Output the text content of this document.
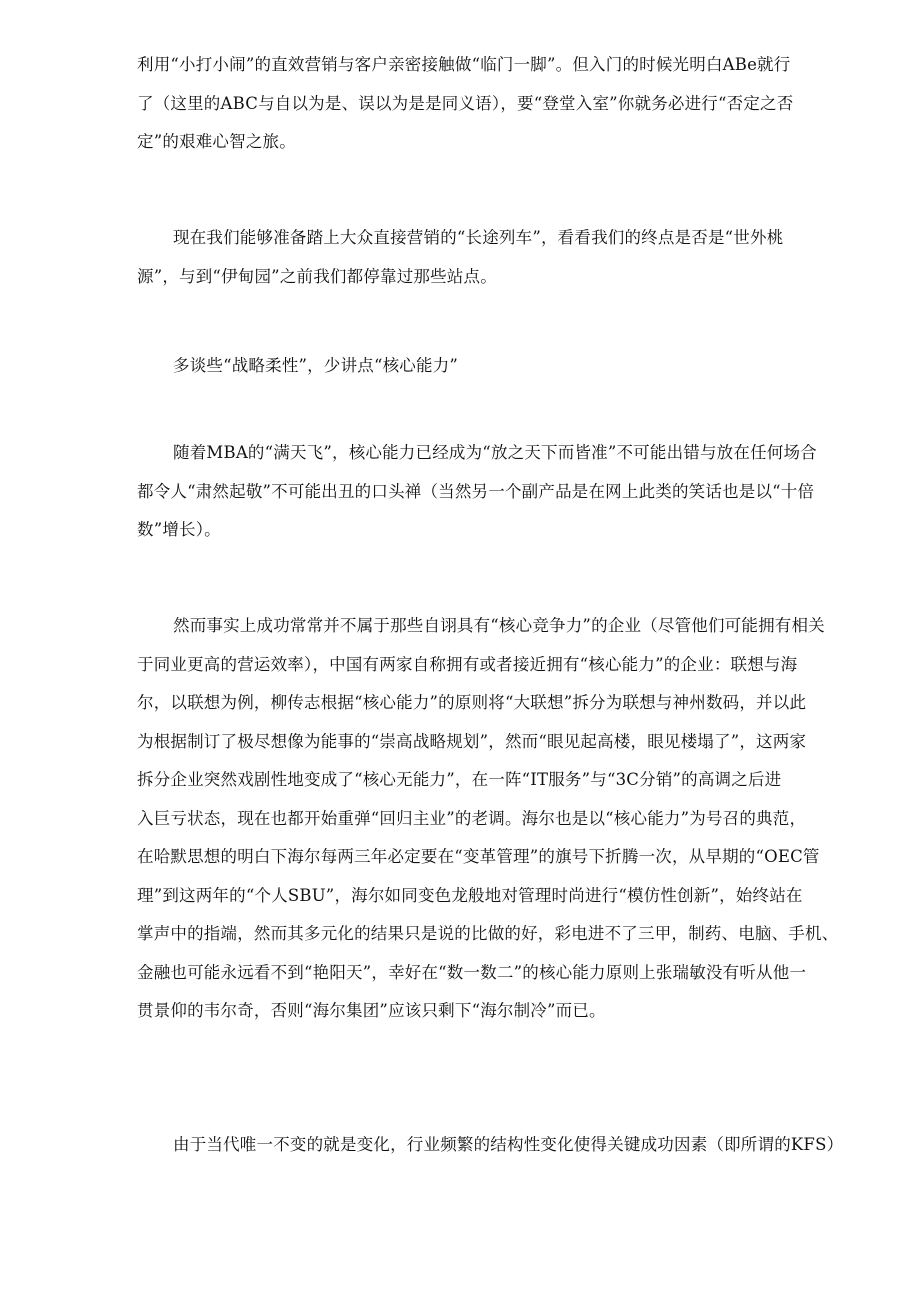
利用“小打小闹”的直效营销与客户亲密接触做“临门一脚”。但入门的时候光明白ABe就行
了（这里的ABC与自以为是、误以为是是同义语），要“登堂入室”你就务必进行“否定之否
定”的艰难心智之旅。

现在我们能够准备踏上大众直接营销的“长途列车”，看看我们的终点是否是“世外桃
源”，与到“伊甸园”之前我们都停靠过那些站点。

多谈些“战略柔性”，少讲点“核心能力”

随着MBA的“满天飞”，核心能力已经成为“放之天下而皆准”不可能出错与放在任何场合
都令人“肃然起敬”不可能出丑的口头禅（当然另一个副产品是在网上此类的笑话也是以“十倍
数”增长）。

然而事实上成功常常并不属于那些自诩具有“核心竞争力”的企业（尽管他们可能拥有相关
于同业更高的营运效率），中国有两家自称拥有或者接近拥有“核心能力”的企业：联想与海
尔，以联想为例，柳传志根据“核心能力”的原则将“大联想”拆分为联想与神州数码，并以此
为根据制订了极尽想像为能事的“崇高战略规划”，然而“眼见起高楼，眼见楼塌了”，这两家
拆分企业突然戏剧性地变成了“核心无能力”，在一阵“IT服务”与“3C分销”的高调之后进
入巨亏状态，现在也都开始重弹“回归主业”的老调。海尔也是以“核心能力”为号召的典范，
在哈默思想的明白下海尔每两三年必定要在“变革管理”的旗号下折腾一次，从早期的“OEC管
理”到这两年的“个人SBU”，海尔如同变色龙般地对管理时尚进行“模仿性创新”，始终站在
掌声中的指端，然而其多元化的结果只是说的比做的好，彩电进不了三甲，制药、电脑、手机、
金融也可能永远看不到“艳阳天”，幸好在“数一数二”的核心能力原则上张瑞敏没有听从他一
贯景仰的韦尔奇，否则“海尔集团”应该只剩下“海尔制冷”而已。

由于当代唯一不变的就是变化，行业频繁的结构性变化使得关键成功因素（即所谓的KFS）
